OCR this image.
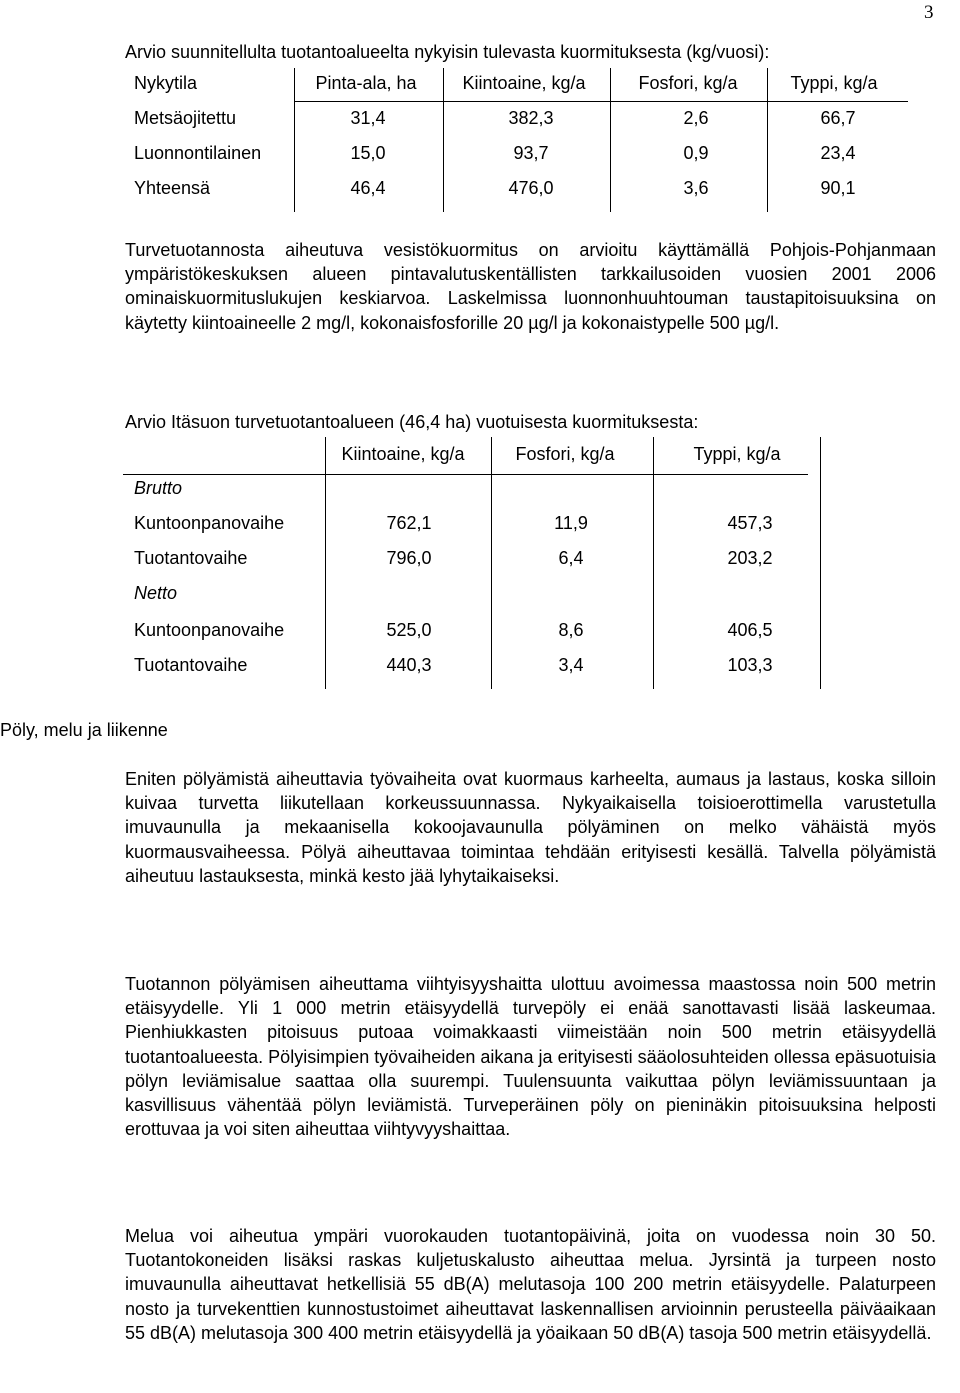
3
Arvio suunnitellulta tuotantoalueelta nykyisin tulevasta kuormituksesta (kg/vuosi):
Nykytila	Pinta-ala, ha	Kiintoaine, kg/a	Fosfori, kg/a	Typpi, kg/a
Metsäojitettu	31,4	382,3	2,6	66,7
Luonnontilainen	15,0	93,7	0,9	23,4
Yhteensä	46,4	476,0	3,6	90,1

Turvetuotannosta aiheutuva vesistökuormitus on arvioitu käyttämällä Pohjois-Pohjanmaan ympäristökeskuksen alueen pintavalutuskentällisten tarkkailusoiden vuosien 2001 2006 ominaiskuormituslukujen keskiarvoa. Laskelmissa luonnonhuuhtouman taustapitoisuuksina on käytetty kiintoaineelle 2 mg/l, kokonaisfosforille 20 µg/l ja kokonaistypelle 500 µg/l.

Arvio Itäsuon turvetuotantoalueen (46,4 ha) vuotuisesta kuormituksesta:
Kiintoaine, kg/a	Fosfori, kg/a	Typpi, kg/a
Brutto
Kuntoonpanovaihe	762,1	11,9	457,3
Tuotantovaihe	796,0	6,4	203,2
Netto
Kuntoonpanovaihe	525,0	8,6	406,5
Tuotantovaihe	440,3	3,4	103,3
Pöly, melu ja liikenne

Eniten pölyämistä aiheuttavia työvaiheita ovat kuormaus karheelta, aumaus ja lastaus, koska silloin kuivaa turvetta liikutellaan korkeussuunnassa. Nykyaikaisella toisioerottimella varustetulla imuvaunulla ja mekaanisella kokoojavaunulla pölyäminen on melko vähäistä myös kuormausvaiheessa. Pölyä aiheuttavaa toimintaa tehdään erityisesti kesällä. Talvella pölyämistä aiheutuu lastauksesta, minkä kesto jää lyhytaikaiseksi.

Tuotannon pölyämisen aiheuttama viihtyisyyshaitta ulottuu avoimessa maastossa noin 500 metrin etäisyydelle. Yli 1 000 metrin etäisyydellä turvepöly ei enää sanottavasti lisää laskeumaa. Pienhiukkasten pitoisuus putoaa voimakkaasti viimeistään noin 500 metrin etäisyydellä tuotantoalueesta. Pölyisimpien työvaiheiden aikana ja erityisesti sääolosuhteiden ollessa epäsuotuisia pölyn leviämisalue saattaa olla suurempi. Tuulensuunta vaikuttaa pölyn leviämissuuntaan ja kasvillisuus vähentää pölyn leviämistä. Turveperäinen pöly on pieninäkin pitoisuuksina helposti erottuvaa ja voi siten aiheuttaa viihtyvyyshaittaa.

Melua voi aiheutua ympäri vuorokauden tuotantopäivinä, joita on vuodessa noin 30 50. Tuotantokoneiden lisäksi raskas kuljetuskalusto aiheuttaa melua. Jyrsintä ja turpeen nosto imuvaunulla aiheuttavat hetkellisiä 55 dB(A) melutasoja 100 200 metrin etäisyydelle. Palaturpeen nosto ja turvekenttien kunnostustoimet aiheuttavat laskennallisen arvioinnin perusteella päiväaikaan 55 dB(A) melutasoja 300 400 metrin etäisyydellä ja yöaikaan 50 dB(A) tasoja 500 metrin etäisyydellä.
